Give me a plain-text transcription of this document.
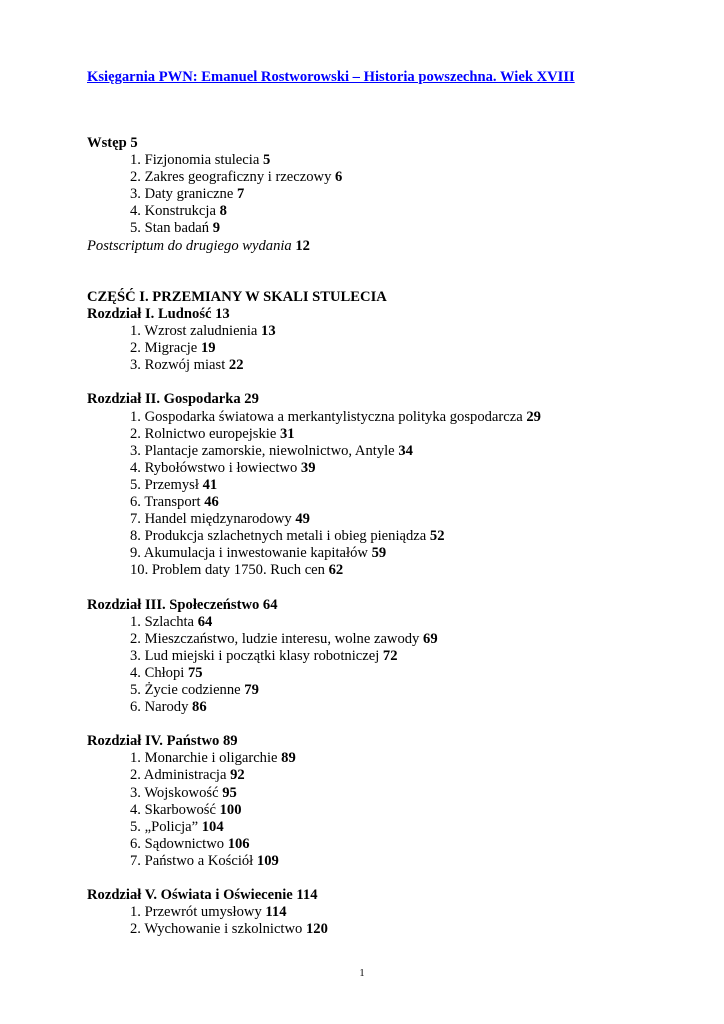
Księgarnia PWN: Emanuel Rostworowski – Historia powszechna. Wiek XVIII
Wstęp 5
1. Fizjonomia stulecia 5
2. Zakres geograficzny i rzeczowy 6
3. Daty graniczne 7
4. Konstrukcja 8
5. Stan badań 9
Postscriptum do drugiego wydania 12
CZĘŚĆ I. PRZEMIANY W SKALI STULECIA
Rozdział I. Ludność 13
1. Wzrost zaludnienia 13
2. Migracje 19
3. Rozwój miast 22
Rozdział II. Gospodarka 29
1. Gospodarka światowa a merkantylistyczna polityka gospodarcza 29
2. Rolnictwo europejskie 31
3. Plantacje zamorskie, niewolnictwo, Antyle 34
4. Rybołówstwo i łowiectwo 39
5. Przemysł 41
6. Transport 46
7. Handel międzynarodowy 49
8. Produkcja szlachetnych metali i obieg pieniądza 52
9. Akumulacja i inwestowanie kapitałów 59
10. Problem daty 1750. Ruch cen 62
Rozdział III. Społeczeństwo 64
1. Szlachta 64
2. Mieszczaństwo, ludzie interesu, wolne zawody 69
3. Lud miejski i początki klasy robotniczej 72
4. Chłopi 75
5. Życie codzienne 79
6. Narody 86
Rozdział IV. Państwo 89
1. Monarchie i oligarchie 89
2. Administracja 92
3. Wojskowość 95
4. Skarbowość 100
5. „Policja” 104
6. Sądownictwo 106
7. Państwo a Kościół 109
Rozdział V. Oświata i Oświecenie 114
1. Przewrót umysłowy 114
2. Wychowanie i szkolnictwo 120
1
